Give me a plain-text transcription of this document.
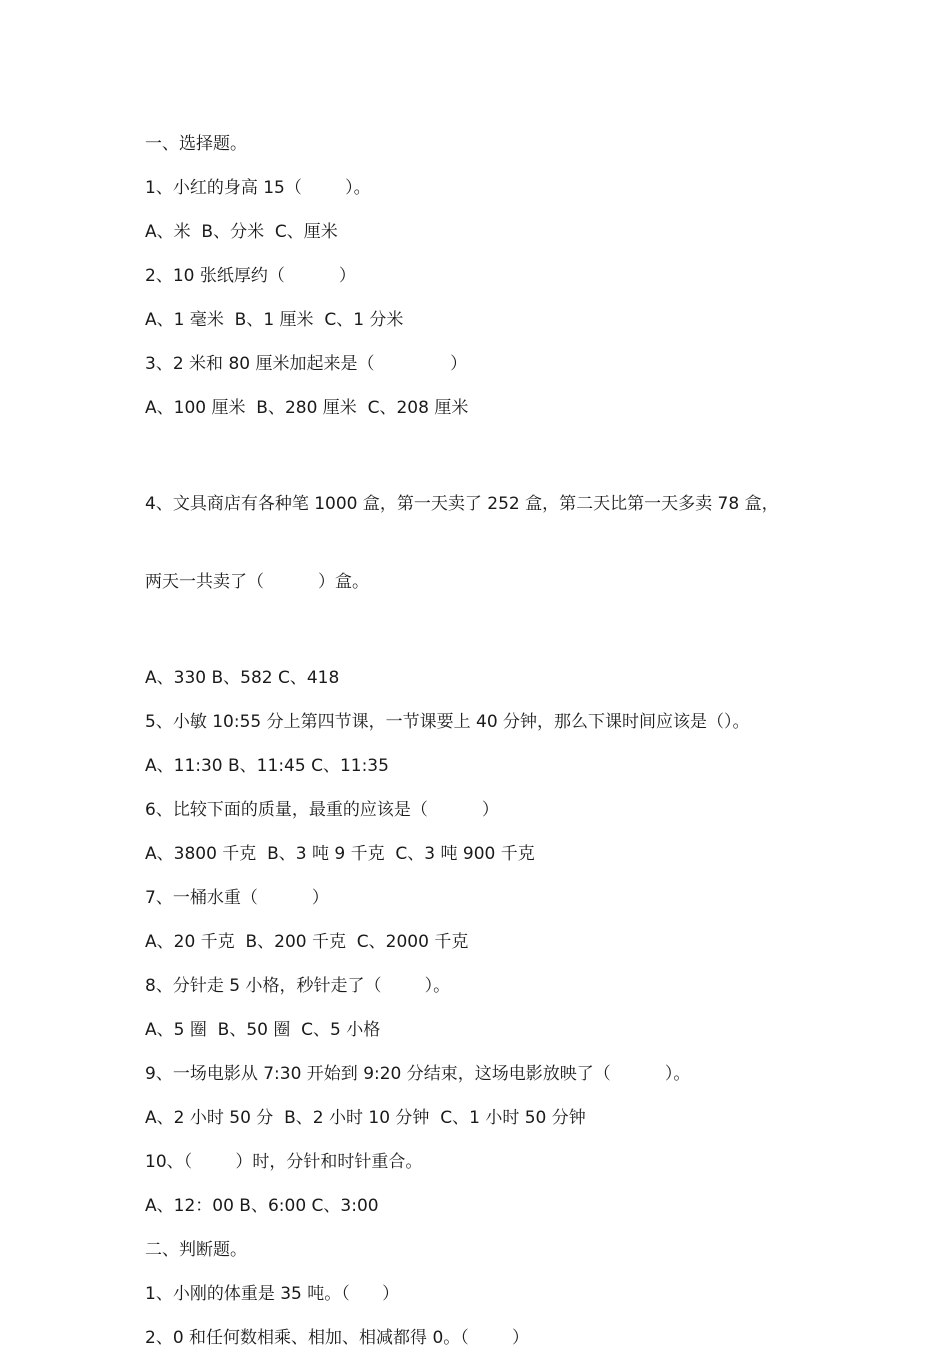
一、选择题。
1、小红的身高 15（        ）。
A、米  B、分米  C、厘米
2、10 张纸厚约（          ）
A、1 毫米  B、1 厘米  C、1 分米
3、2 米和 80 厘米加起来是（              ）
A、100 厘米  B、280 厘米  C、208 厘米

4、文具商店有各种笔 1000 盒，第一天卖了 252 盒，第二天比第一天多卖 78 盒，

两天一共卖了（          ）盒。

A、330 B、582 C、418
5、小敏 10:55 分上第四节课，一节课要上 40 分钟，那么下课时间应该是（）。
A、11:30 B、11:45 C、11:35
6、比较下面的质量，最重的应该是（          ）
A、3800 千克  B、3 吨 9 千克  C、3 吨 900 千克
7、一桶水重（          ）
A、20 千克  B、200 千克  C、2000 千克
8、分针走 5 小格，秒针走了（        ）。
A、5 圈  B、50 圈  C、5 小格
9、一场电影从 7:30 开始到 9:20 分结束，这场电影放映了（          ）。
A、2 小时 50 分  B、2 小时 10 分钟  C、1 小时 50 分钟
10、（        ）时，分针和时针重合。
A、12：00 B、6:00 C、3:00
二、判断题。
1、小刚的体重是 35 吨。（      ）
2、0 和任何数相乘、相加、相减都得 0。（        ）
